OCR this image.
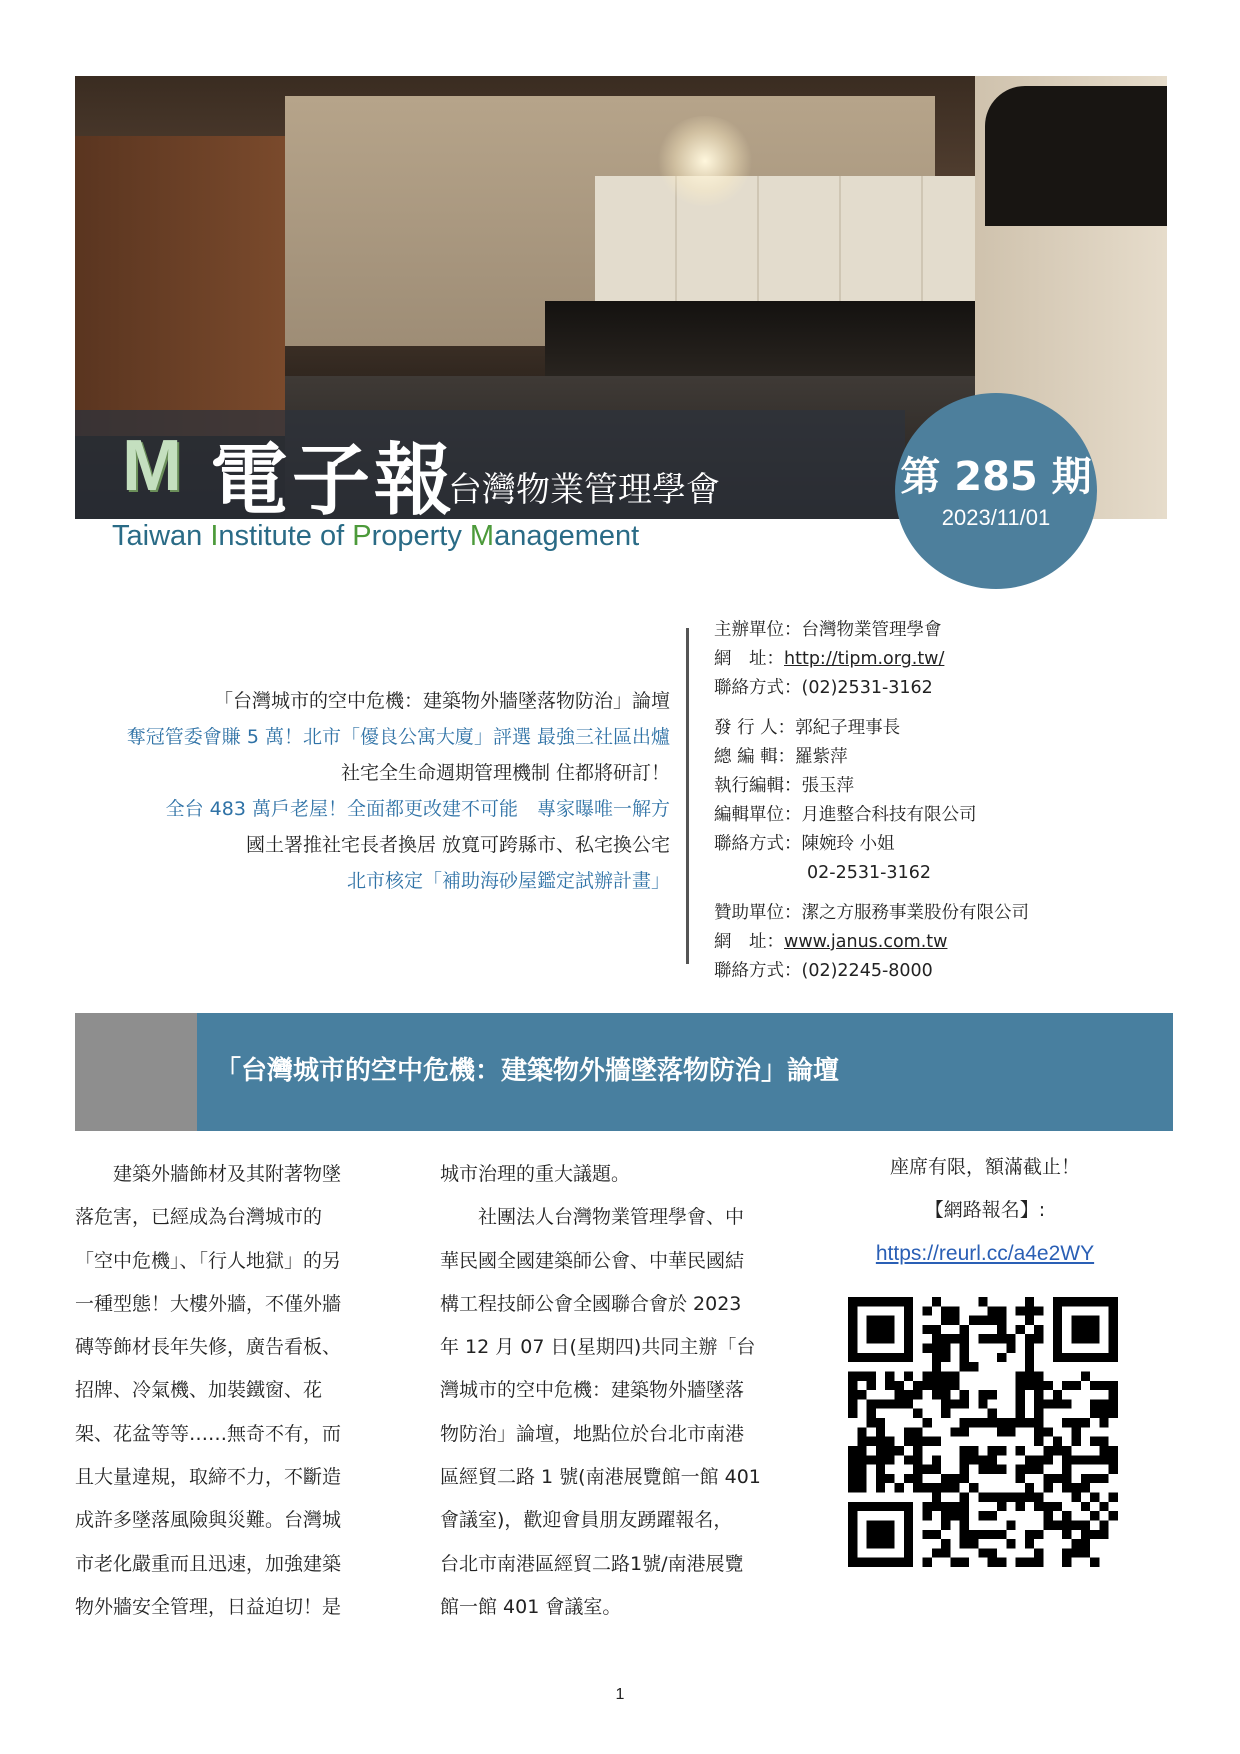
M 電子報
台灣物業管理學會
Taiwan Institute of Property Management
第 285 期
2023/11/01
「台灣城市的空中危機：建築物外牆墜落物防治」論壇
奪冠管委會賺 5 萬！北市「優良公寓大廈」評選 最強三社區出爐
社宅全生命週期管理機制 住都將研訂！
全台 483 萬戶老屋！全面都更改建不可能　專家曝唯一解方
國土署推社宅長者換居 放寬可跨縣市、私宅換公宅
北市核定「補助海砂屋鑑定試辦計畫」
主辦單位：台灣物業管理學會
網　址：http://tipm.org.tw/
聯絡方式：(02)2531-3162
發 行 人：郭紀子理事長
總 編 輯：羅紫萍
執行編輯：張玉萍
編輯單位：月進整合科技有限公司
聯絡方式：陳婉玲 小姐
02-2531-3162
贊助單位：潔之方服務事業股份有限公司
網　址：www.janus.com.tw
聯絡方式：(02)2245-8000
「台灣城市的空中危機：建築物外牆墜落物防治」論壇
　　建築外牆飾材及其附著物墜
落危害，已經成為台灣城市的
「空中危機」、「行人地獄」的另
一種型態！大樓外牆，不僅外牆
磚等飾材長年失修，廣告看板、
招牌、冷氣機、加裝鐵窗、花
架、花盆等等……無奇不有，而
且大量違規，取締不力，不斷造
成許多墜落風險與災難。台灣城
市老化嚴重而且迅速，加強建築
物外牆安全管理，日益迫切！是
城市治理的重大議題。
　　社團法人台灣物業管理學會、中
華民國全國建築師公會、中華民國結
構工程技師公會全國聯合會於 2023
年 12 月 07 日(星期四)共同主辦「台
灣城市的空中危機：建築物外牆墜落
物防治」論壇，地點位於台北市南港
區經貿二路 1 號(南港展覽館一館 401
會議室)，歡迎會員朋友踴躍報名，
台北市南港區經貿二路1號/南港展覽
館一館 401 會議室。
座席有限，額滿截止！
【網路報名】:
https://reurl.cc/a4e2WY
1
